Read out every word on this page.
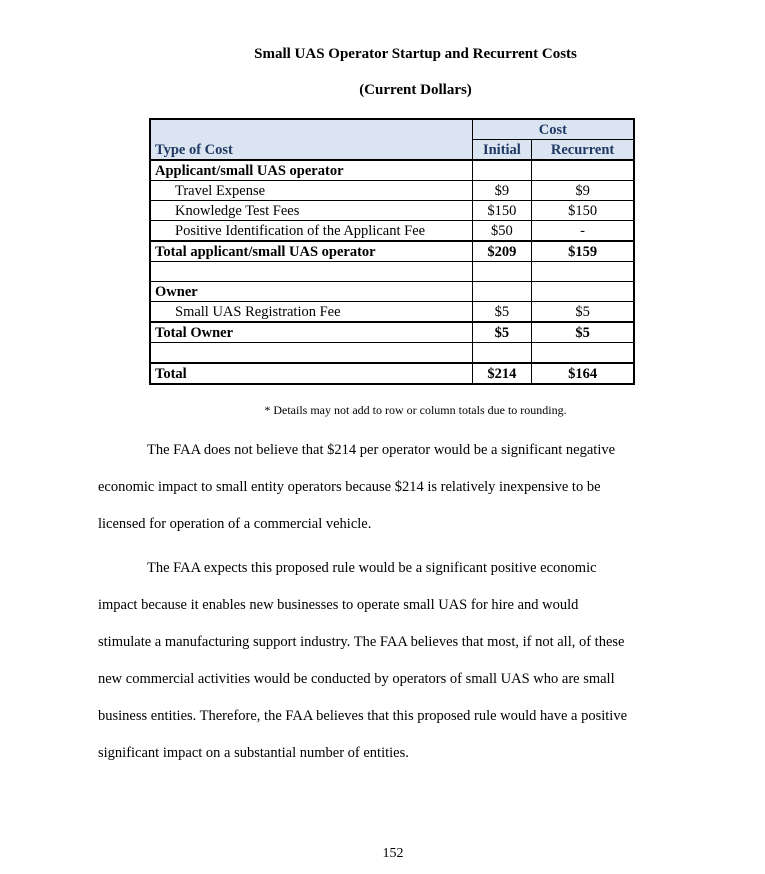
Small UAS Operator Startup and Recurrent Costs
(Current Dollars)
	Cost	
Type of Cost	Initial	Recurrent
Applicant/small UAS operator		
Travel Expense	$9	$9
Knowledge Test Fees	$150	$150
Positive Identification of the Applicant Fee	$50	-
Total applicant/small UAS operator	$209	$159

Owner		
Small UAS Registration Fee	$5	$5
Total Owner	$5	$5

Total	$214	$164
* Details may not add to row or column totals due to rounding.
The FAA does not believe that $214 per operator would be a significant negative
economic impact to small entity operators because $214 is relatively inexpensive to be
licensed for operation of a commercial vehicle.
The FAA expects this proposed rule would be a significant positive economic
impact because it enables new businesses to operate small UAS for hire and would
stimulate a manufacturing support industry. The FAA believes that most, if not all, of these
new commercial activities would be conducted by operators of small UAS who are small
business entities. Therefore, the FAA believes that this proposed rule would have a positive
significant impact on a substantial number of entities.
152
